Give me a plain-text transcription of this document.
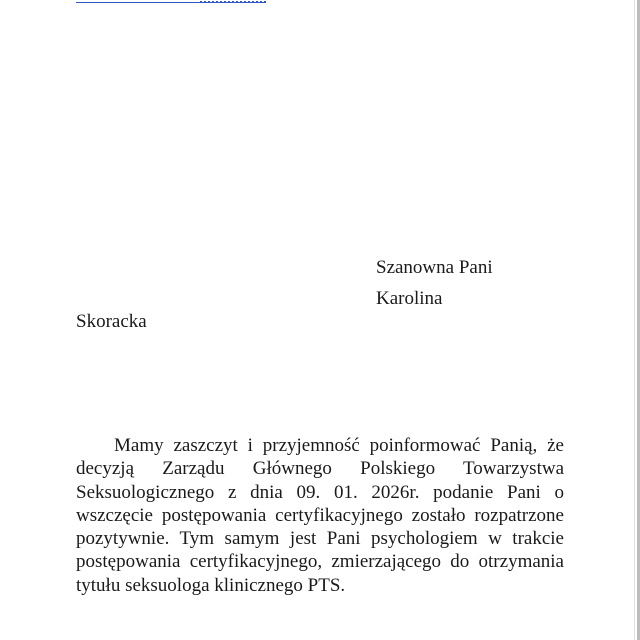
Szanowna Pani
Karolina
Skoracka

Mamy zaszczyt i przyjemność poinformować Panią, że decyzją Zarządu Głównego Polskiego Towarzystwa Seksuologicznego z dnia 09. 01. 2026r. podanie Pani o wszczęcie postępowania certyfikacyjnego zostało rozpatrzone pozytywnie. Tym samym jest Pani psychologiem w trakcie postępowania certyfikacyjnego, zmierzającego do otrzymania tytułu seksuologa klinicznego PTS.
